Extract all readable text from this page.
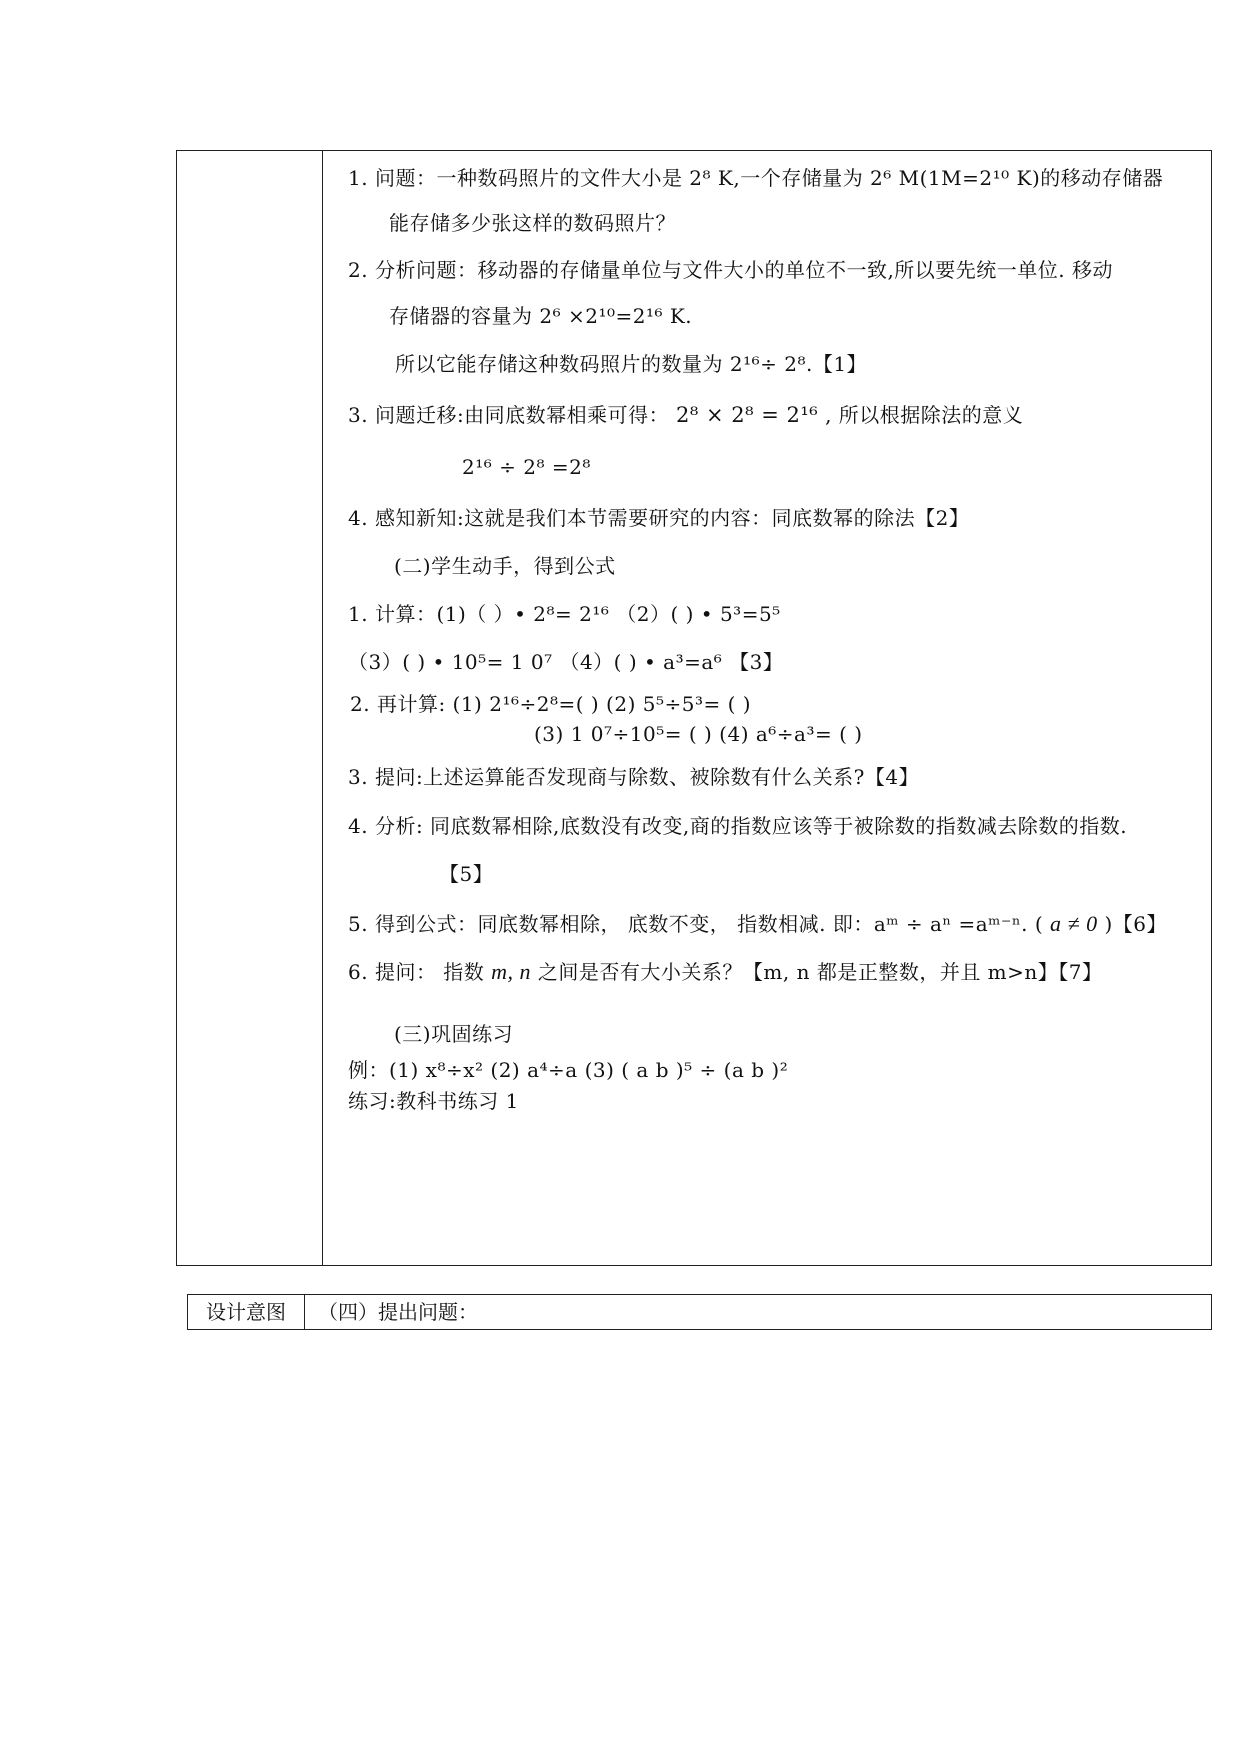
1. 问题：一种数码照片的文件大小是 2⁸ K,一个存储量为 2⁶ M(1M=2¹⁰ K)的移动存储器
能存储多少张这样的数码照片？
2. 分析问题：移动器的存储量单位与文件大小的单位不一致,所以要先统一单位. 移动
存储器的容量为 2⁶ ×2¹⁰=2¹⁶ K.
所以它能存储这种数码照片的数量为 2¹⁶÷ 2⁸.【1】
3. 问题迁移:由同底数幂相乘可得： 2⁸ × 2⁸ = 2¹⁶ , 所以根据除法的意义
2¹⁶ ÷ 2⁸ =2⁸
4. 感知新知:这就是我们本节需要研究的内容：同底数幂的除法【2】
(二)学生动手，得到公式
1. 计算：(1)（ ）• 2⁸= 2¹⁶ （2）( ) • 5³=5⁵
（3）( ) • 10⁵= 1 0⁷ （4）( ) • a³=a⁶ 【3】
2. 再计算: (1) 2¹⁶÷2⁸=( ) (2) 5⁵÷5³= ( )
(3) 1 0⁷÷10⁵= ( ) (4) a⁶÷a³= ( )
3. 提问:上述运算能否发现商与除数、被除数有什么关系?【4】
4. 分析: 同底数幂相除,底数没有改变,商的指数应该等于被除数的指数减去除数的指数.
【5】
5. 得到公式：同底数幂相除， 底数不变， 指数相减. 即：aᵐ ÷ aⁿ =aᵐ⁻ⁿ. ( a ≠ 0 )【6】
6. 提问： 指数 m, n 之间是否有大小关系？【m, n 都是正整数，并且 m>n】【7】
(三)巩固练习
例：(1) x⁸÷x² (2) a⁴÷a (3) ( a b )⁵ ÷ (a b )²
练习:教科书练习 1
设计意图	（四）提出问题：
